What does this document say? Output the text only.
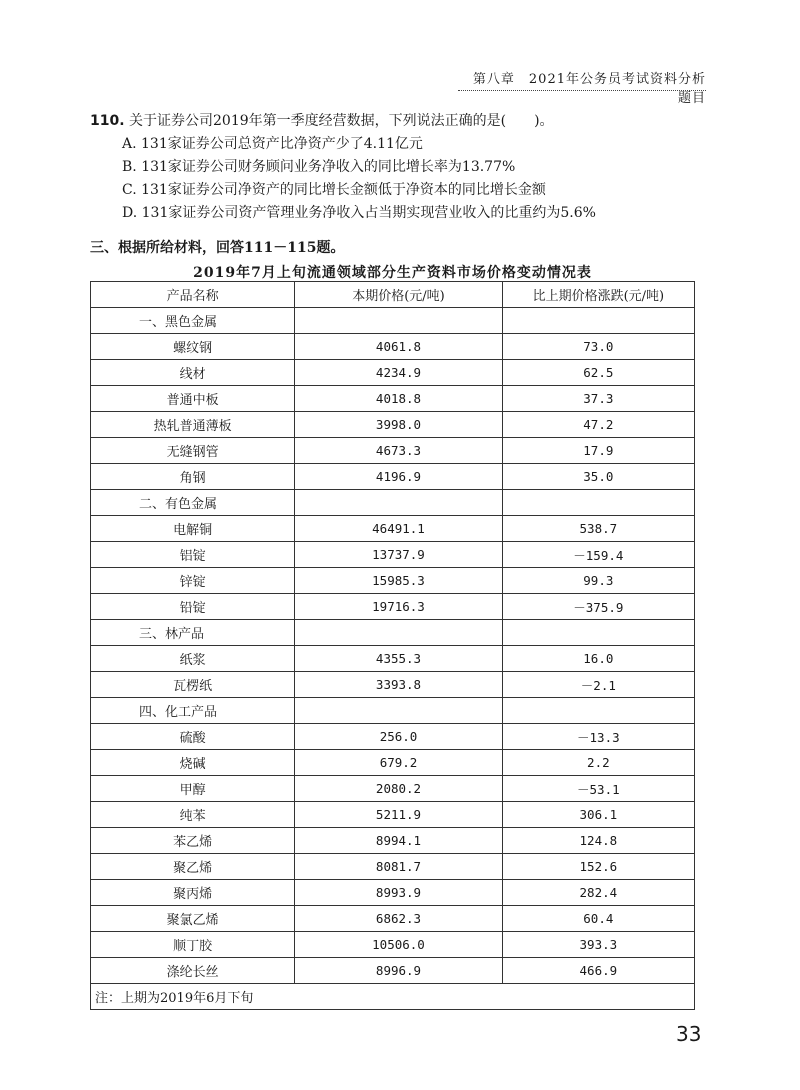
第八章　2021年公务员考试资料分析题目
110. 关于证券公司2019年第一季度经营数据，下列说法正确的是(　　)。
A. 131家证券公司总资产比净资产少了4.11亿元
B. 131家证券公司财务顾问业务净收入的同比增长率为13.77%
C. 131家证券公司净资产的同比增长金额低于净资本的同比增长金额
D. 131家证券公司资产管理业务净收入占当期实现营业收入的比重约为5.6%
三、根据所给材料，回答111－115题。
2019年7月上旬流通领域部分生产资料市场价格变动情况表
产品名称	本期价格(元/吨)	比上期价格涨跌(元/吨)
一、黑色金属		
螺纹钢	4061.8	73.0
线材	4234.9	62.5
普通中板	4018.8	37.3
热轧普通薄板	3998.0	47.2
无缝钢管	4673.3	17.9
角钢	4196.9	35.0
二、有色金属		
电解铜	46491.1	538.7
铝锭	13737.9	－159.4
锌锭	15985.3	99.3
铅锭	19716.3	－375.9
三、林产品		
纸浆	4355.3	16.0
瓦楞纸	3393.8	－2.1
四、化工产品		
硫酸	256.0	－13.3
烧碱	679.2	2.2
甲醇	2080.2	－53.1
纯苯	5211.9	306.1
苯乙烯	8994.1	124.8
聚乙烯	8081.7	152.6
聚丙烯	8993.9	282.4
聚氯乙烯	6862.3	60.4
顺丁胶	10506.0	393.3
涤纶长丝	8996.9	466.9
注：上期为2019年6月下旬		
33
